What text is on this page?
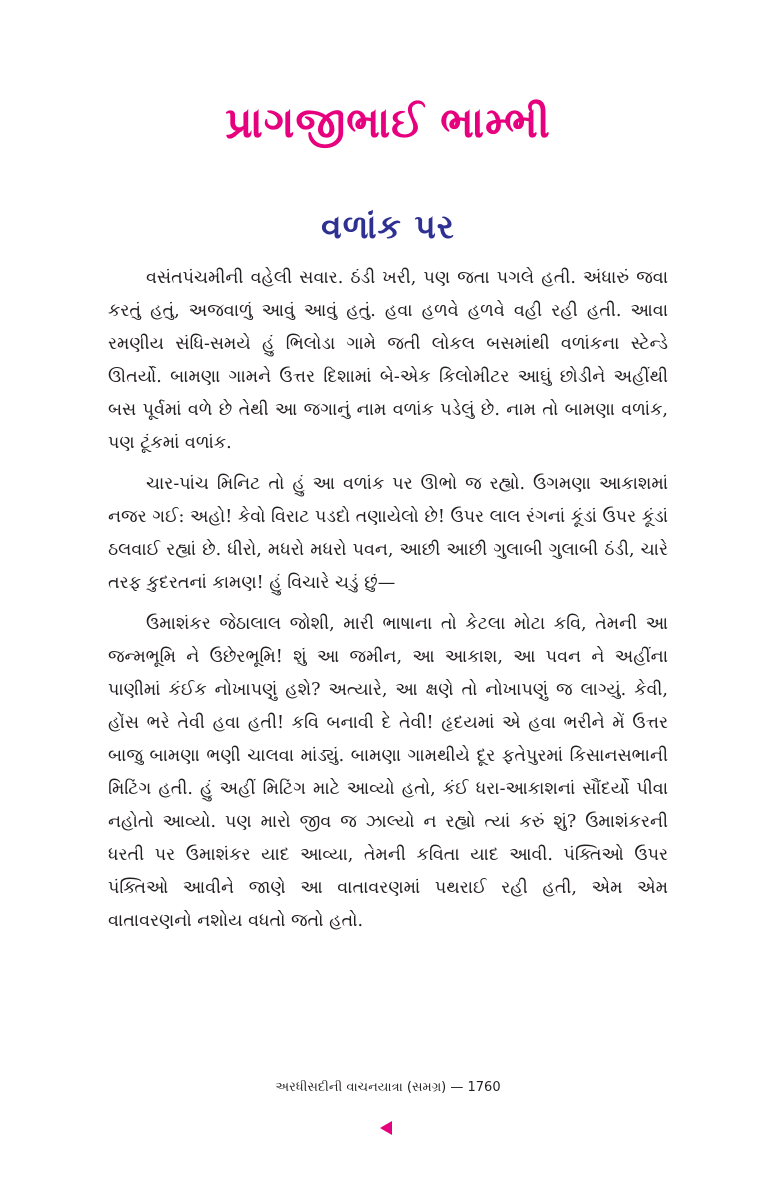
પ્રાગજીભાઈ ભામ્ભી
વળાંક પર

વસંતપંચમીની વહેલી સવાર. ઠંડી ખરી, પણ જતા પગલે હતી. અંધારું જવા કરતું હતું, અજવાળું આવું આવું હતું. હવા હળવે હળવે વહી રહી હતી. આવા રમણીય સંધિ-સમયે હું ભિલોડા ગામે જતી લોકલ બસમાંથી વળાંકના સ્ટેન્ડે ઊતર્યો. બામણા ગામને ઉત્તર દિશામાં બે-એક કિલોમીટર આઘું છોડીને અહીંથી બસ પૂર્વમાં વળે છે તેથી આ જગાનું નામ વળાંક પડેલું છે. નામ તો બામણા વળાંક, પણ ટૂંકમાં વળાંક.

ચાર-પાંચ મિનિટ તો હું આ વળાંક પર ઊભો જ રહ્યો. ઉગમણા આકાશમાં નજર ગઈ: અહો! કેવો વિરાટ પડદો તણાયેલો છે! ઉપર લાલ રંગનાં કૂંડાં ઉપર કૂંડાં ઠલવાઈ રહ્યાં છે. ધીરો, મધરો મધરો પવન, આછી આછી ગુલાબી ગુલાબી ઠંડી, ચારે તરફ કુદરતનાં કામણ! હું વિચારે ચડું છું—

ઉમાશંકર જેઠાલાલ જોશી, મારી ભાષાના તો કેટલા મોટા કવિ, તેમની આ જન્મભૂમિ ને ઉછેરભૂમિ! શું આ જમીન, આ આકાશ, આ પવન ને અહીંના પાણીમાં કંઈક નોખાપણું હશે? અત્યારે, આ ક્ષણે તો નોખાપણું જ લાગ્યું. કેવી, હોંસ ભરે તેવી હવા હતી! કવિ બનાવી દે તેવી! હૃદયમાં એ હવા ભરીને મેં ઉત્તર બાજુ બામણા ભણી ચાલવા માંડ્યું. બામણા ગામથીયે દૂર ફતેપુરમાં કિસાનસભાની મિટિંગ હતી. હું અહીં મિટિંગ માટે આવ્યો હતો, કંઈ ધરા-આકાશનાં સૌંદર્યો પીવા નહોતો આવ્યો. પણ મારો જીવ જ ઝાલ્યો ન રહ્યો ત્યાં કરું શું? ઉમાશંકરની ધરતી પર ઉમાશંકર યાદ આવ્યા, તેમની કવિતા યાદ આવી. પંક્તિઓ ઉપર પંક્તિઓ આવીને જાણે આ વાતાવરણમાં પથરાઈ રહી હતી, એમ એમ વાતાવરણનો નશોય વધતો જતો હતો.

અરધીસદીની વાચનયાત્રા (સમગ્ર) — 1760
